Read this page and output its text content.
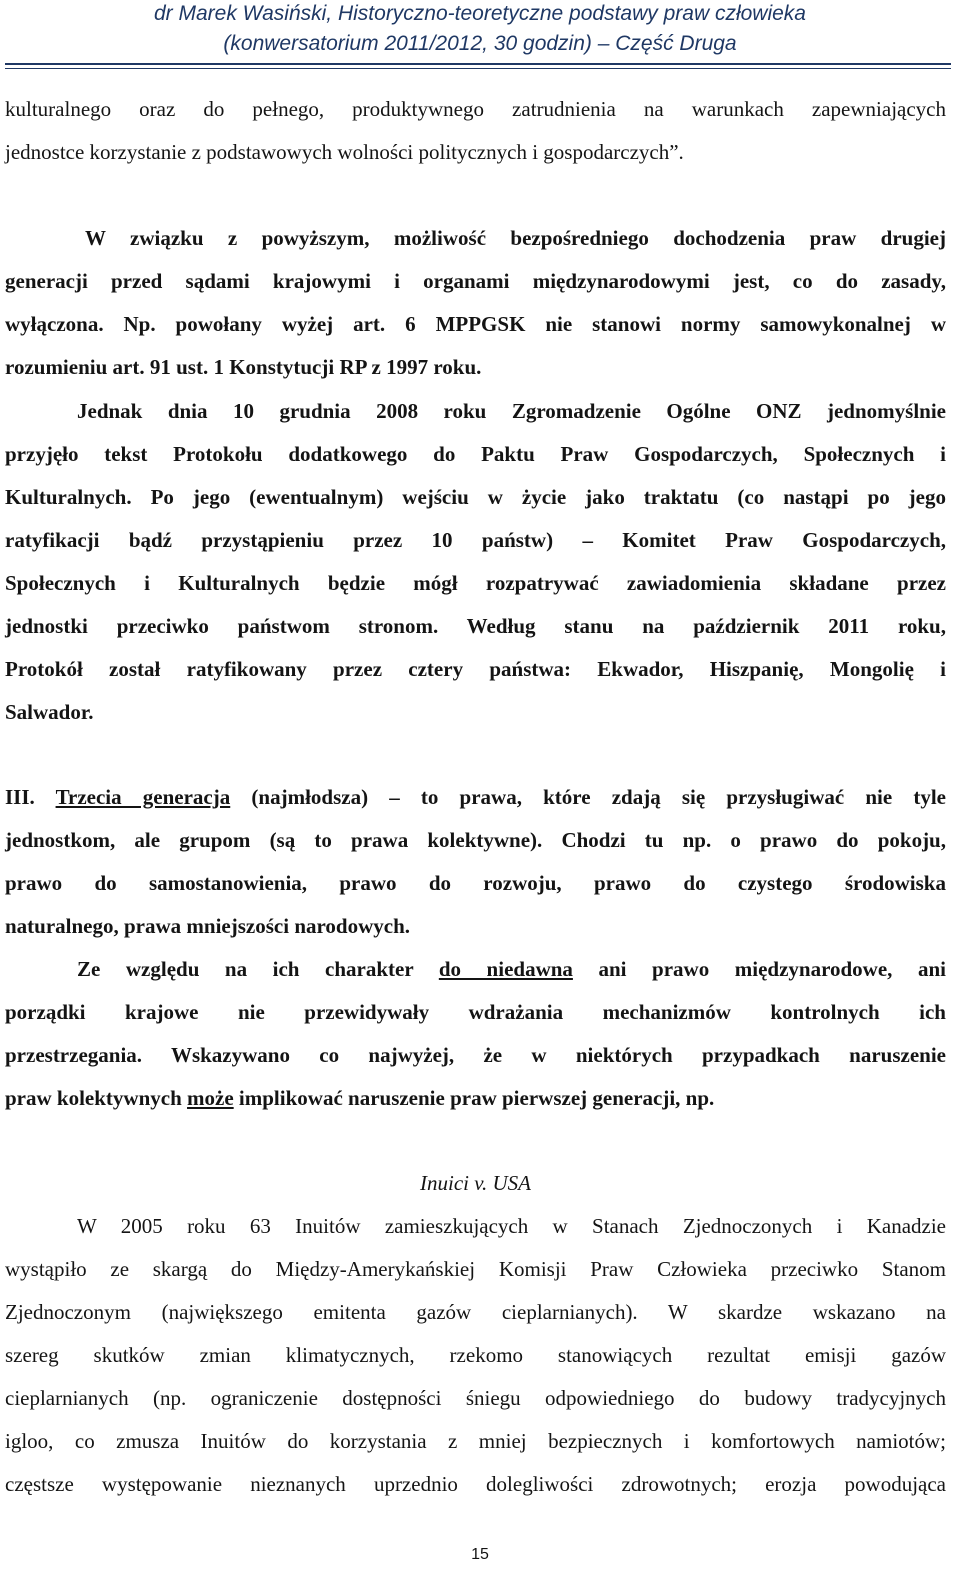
dr Marek Wasiński, Historyczno-teoretyczne podstawy praw człowieka
(konwersatorium 2011/2012, 30 godzin) – Część Druga
kulturalnego oraz do pełnego, produktywnego zatrudnienia na warunkach zapewniających
jednostce korzystanie z podstawowych wolności politycznych i gospodarczych”.
W związku z powyższym, możliwość bezpośredniego dochodzenia praw drugiej
generacji przed sądami krajowymi i organami międzynarodowymi jest, co do zasady,
wyłączona. Np. powołany wyżej art. 6 MPPGSK nie stanowi normy samowykonalnej w
rozumieniu art. 91 ust. 1 Konstytucji RP z 1997 roku.
Jednak dnia 10 grudnia 2008 roku Zgromadzenie Ogólne ONZ jednomyślnie
przyjęło tekst Protokołu dodatkowego do Paktu Praw Gospodarczych, Społecznych i
Kulturalnych. Po jego (ewentualnym) wejściu w życie jako traktatu (co nastąpi po jego
ratyfikacji bądź przystąpieniu przez 10 państw) – Komitet Praw Gospodarczych,
Społecznych i Kulturalnych będzie mógł rozpatrywać zawiadomienia składane przez
jednostki przeciwko państwom stronom. Według stanu na październik 2011 roku,
Protokół został ratyfikowany przez cztery państwa: Ekwador, Hiszpanię, Mongolię i
Salwador.
III. Trzecia generacja (najmłodsza) – to prawa, które zdają się przysługiwać nie tyle
jednostkom, ale grupom (są to prawa kolektywne). Chodzi tu np. o prawo do pokoju,
prawo do samostanowienia, prawo do rozwoju, prawo do czystego środowiska
naturalnego, prawa mniejszości narodowych.
Ze względu na ich charakter do niedawna ani prawo międzynarodowe, ani
porządki krajowe nie przewidywały wdrażania mechanizmów kontrolnych ich
przestrzegania. Wskazywano co najwyżej, że w niektórych przypadkach naruszenie
praw kolektywnych może implikować naruszenie praw pierwszej generacji, np.
Inuici v. USA
W 2005 roku 63 Inuitów zamieszkujących w Stanach Zjednoczonych i Kanadzie
wystąpiło ze skargą do Między-Amerykańskiej Komisji Praw Człowieka przeciwko Stanom
Zjednoczonym (największego emitenta gazów cieplarnianych). W skardze wskazano na
szereg skutków zmian klimatycznych, rzekomo stanowiących rezultat emisji gazów
cieplarnianych (np. ograniczenie dostępności śniegu odpowiedniego do budowy tradycyjnych
igloo, co zmusza Inuitów do korzystania z mniej bezpiecznych i komfortowych namiotów;
częstsze występowanie nieznanych uprzednio dolegliwości zdrowotnych; erozja powodująca
15
